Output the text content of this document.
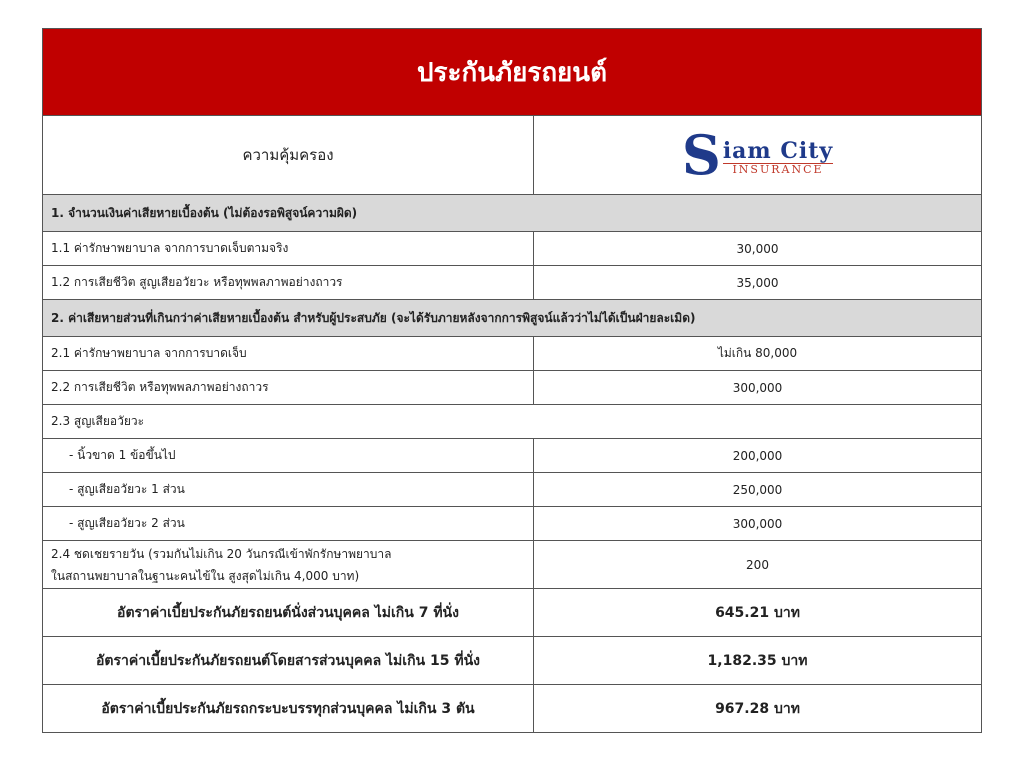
ประกันภัยรถยนต์
ความคุ้มครอง	S iam City
INSURANCE

1. จำนวนเงินค่าเสียหายเบื้องต้น (ไม่ต้องรอพิสูจน์ความผิด)	
1.1 ค่ารักษาพยาบาล จากการบาดเจ็บตามจริง	30,000
1.2 การเสียชีวิต สูญเสียอวัยวะ หรือทุพพลภาพอย่างถาวร	35,000
2. ค่าเสียหายส่วนที่เกินกว่าค่าเสียหายเบื้องต้น สำหรับผู้ประสบภัย (จะได้รับภายหลังจากการพิสูจน์แล้วว่าไม่ได้เป็นฝ่ายละเมิด)	
2.1 ค่ารักษาพยาบาล จากการบาดเจ็บ	ไม่เกิน 80,000
2.2 การเสียชีวิต หรือทุพพลภาพอย่างถาวร	300,000
2.3 สูญเสียอวัยวะ	
- นิ้วขาด 1 ข้อขึ้นไป	200,000
- สูญเสียอวัยวะ 1 ส่วน	250,000
- สูญเสียอวัยวะ 2 ส่วน	300,000

2.4 ชดเชยรายวัน (รวมกันไม่เกิน 20 วันกรณีเข้าพักรักษาพยาบาล
ในสถานพยาบาลในฐานะคนไข้ใน สูงสุดไม่เกิน 4,000 บาท)	200
อัตราค่าเบี้ยประกันภัยรถยนต์นั่งส่วนบุคคล ไม่เกิน 7 ที่นั่ง	645.21 บาท
อัตราค่าเบี้ยประกันภัยรถยนต์โดยสารส่วนบุคคล ไม่เกิน 15 ที่นั่ง	1,182.35 บาท
อัตราค่าเบี้ยประกันภัยรถกระบะบรรทุกส่วนบุคคล ไม่เกิน 3 ตัน	967.28 บาท
